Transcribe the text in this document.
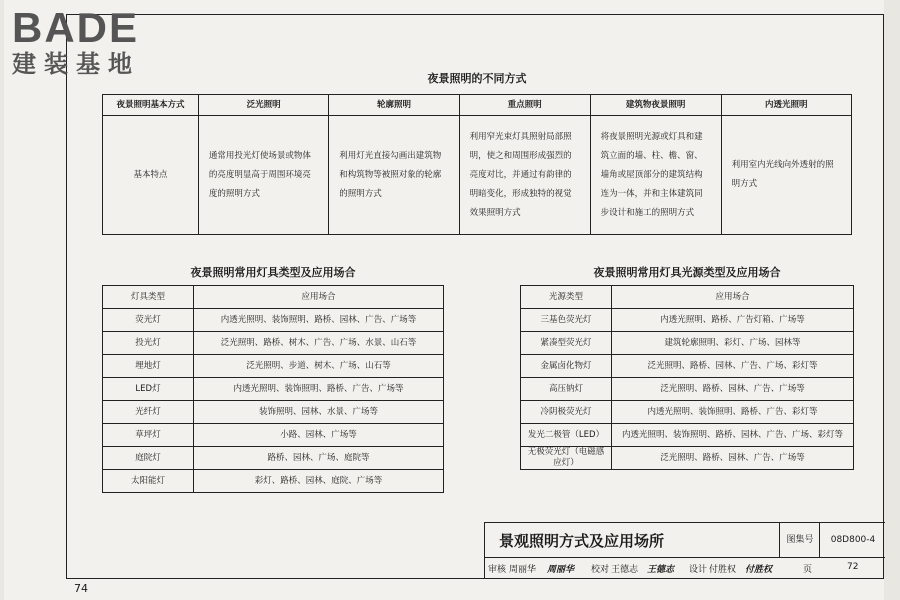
BADE
建装基地
夜景照明的不同方式
夜景照明基本方式	泛光照明	轮廓照明	重点照明	建筑物夜景照明	内透光照明
基本特点	通常用投光灯使场景或物体的亮度明显高于周围环境亮度的照明方式	利用灯光直接勾画出建筑物和构筑物等被照对象的轮廓的照明方式	利用窄光束灯具照射局部照明，使之和周围形成强烈的亮度对比，并通过有韵律的明暗变化，形成独特的视觉效果照明方式	将夜景照明光源或灯具和建筑立面的墙、柱、檐、窗、墙角或屋顶部分的建筑结构连为一体，并和主体建筑同步设计和施工的照明方式	利用室内光线向外透射的照明方式
夜景照明常用灯具类型及应用场合
灯具类型	应用场合
荧光灯	内透光照明、装饰照明、路桥、园林、广告、广场等
投光灯	泛光照明、路桥、树木、广告、广场、水景、山石等
埋地灯	泛光照明、步道、树木、广场、山石等
LED灯	内透光照明、装饰照明、路桥、广告、广场等
光纤灯	装饰照明、园林、水景、广场等
草坪灯	小路、园林、广场等
庭院灯	路桥、园林、广场、庭院等
太阳能灯	彩灯、路桥、园林、庭院、广场等
夜景照明常用灯具光源类型及应用场合
光源类型	应用场合
三基色荧光灯	内透光照明、路桥、广告灯箱、广场等
紧凑型荧光灯	建筑轮廓照明、彩灯、广场、园林等
金属卤化物灯	泛光照明、路桥、园林、广告、广场、彩灯等
高压钠灯	泛光照明、路桥、园林、广告、广场等
冷阴极荧光灯	内透光照明、装饰照明、路桥、广告、彩灯等
发光二极管（LED）	内透光照明、装饰照明、路桥、园林、广告、广场、彩灯等
无极荧光灯（电磁感应灯）	泛光照明、路桥、园林、广告、广场等
景观照明方式及应用场所	图集号	08D800-4
审核 周丽华 周丽华 校对 王德志 王德志 设计 付胜权 付胜权	页	72
74
